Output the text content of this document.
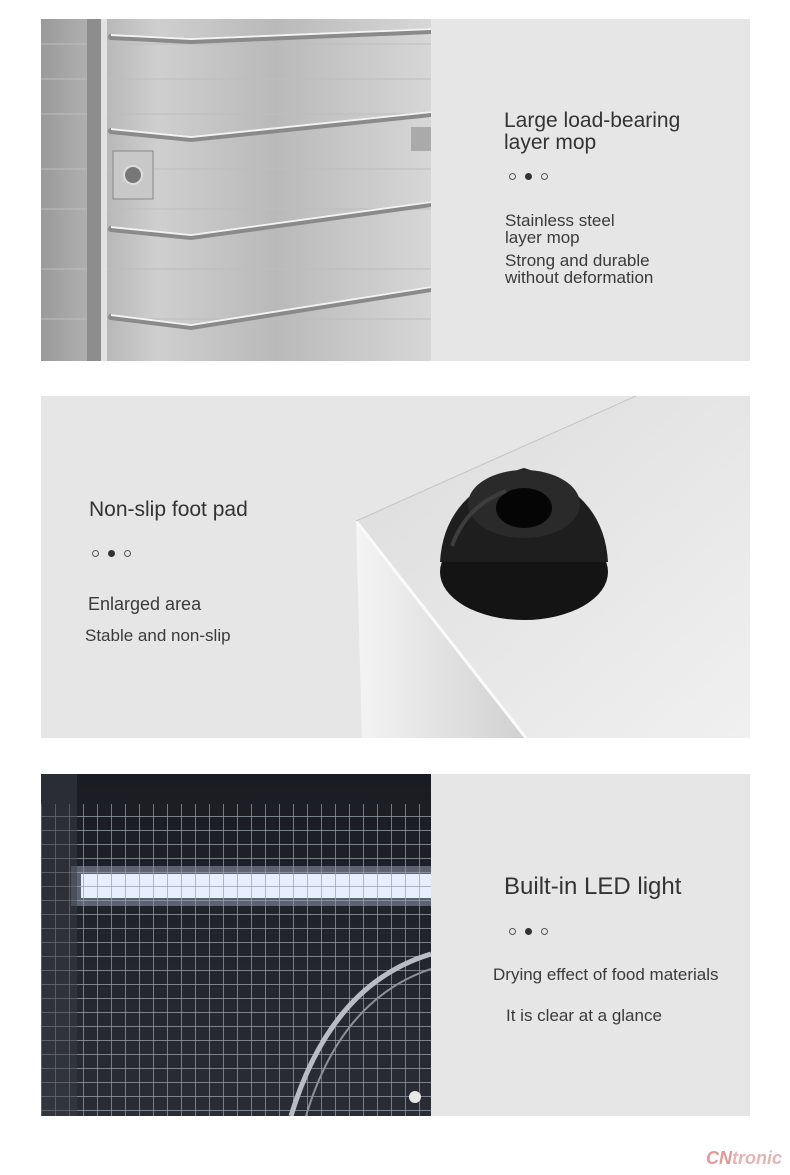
Large load-bearing

layer mop

Stainless steel

layer mop

Strong and durable

without deformation

Non-slip foot pad

Enlarged area

Stable and non-slip

Built-in LED light

Drying effect of food materials

It is clear at a glance

CNtronic
